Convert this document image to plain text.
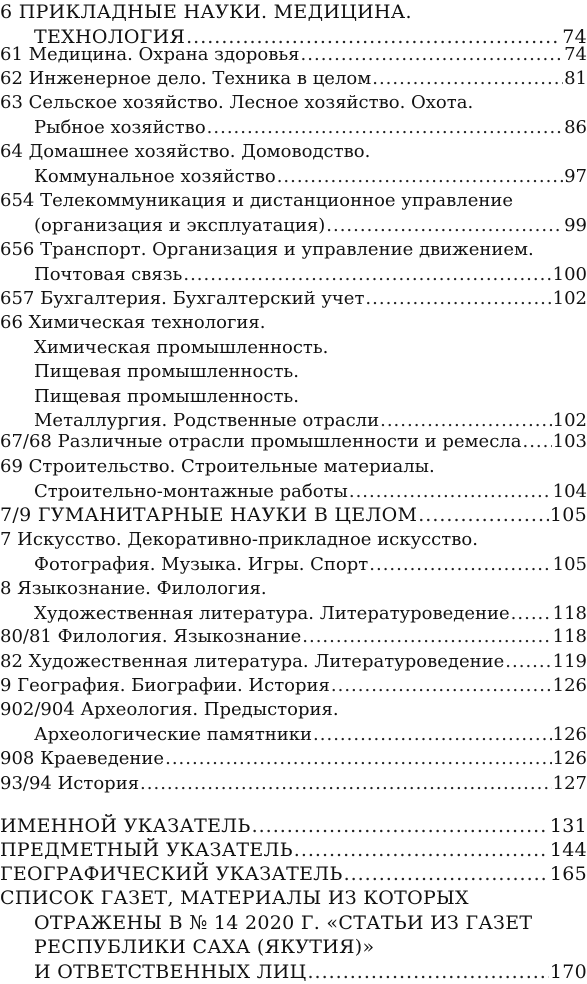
6 ПРИКЛАДНЫЕ НАУКИ. МЕДИЦИНА.
ТЕХНОЛОГИЯ .....	74
61 Медицина. Охрана здоровья .....	74
62 Инженерное дело. Техника в целом .....	81
63 Сельское хозяйство. Лесное хозяйство. Охота.
Рыбное хозяйство .....	86
64 Домашнее хозяйство. Домоводство.
Коммунальное хозяйство .....	97
654 Телекоммуникация и дистанционное управление
(организация и эксплуатация) .....	99
656 Транспорт. Организация и управление движением.
Почтовая связь .....	100
657 Бухгалтерия. Бухгалтерский учет .....	102
66 Химическая технология.
Химическая промышленность.
Пищевая промышленность.
Пищевая промышленность.
Металлургия. Родственные отрасли .....	102
67/68 Различные отрасли промышленности и ремесла ..... 103
69 Строительство. Строительные материалы.
Строительно-монтажные работы .....	104
7/9 ГУМАНИТАРНЫЕ НАУКИ В ЦЕЛОМ .....	105
7 Искусство. Декоративно-прикладное искусство.
Фотография. Музыка. Игры. Спорт .....	105
8 Языкознание. Филология.
Художественная литература. Литературоведение ..... 118
80/81 Филология. Языкознание .....	118
82 Художественная литература. Литературоведение .....	119
9 География. Биографии. История .....	126
902/904 Археология. Предыстория.
Археологические памятники .....	126
908 Краеведение .....	126
93/94 История .....	127
ИМЕННОЙ УКАЗАТЕЛЬ .....	131
ПРЕДМЕТНЫЙ УКАЗАТЕЛЬ .....	144
ГЕОГРАФИЧЕСКИЙ УКАЗАТЕЛЬ .....	165
СПИСОК ГАЗЕТ, МАТЕРИАЛЫ ИЗ КОТОРЫХ
ОТРАЖЕНЫ В № 14 2020 Г. «СТАТЬИ ИЗ ГАЗЕТ
РЕСПУБЛИКИ САХА (ЯКУТИЯ)»
И ОТВЕТСТВЕННЫХ ЛИЦ .....	170
